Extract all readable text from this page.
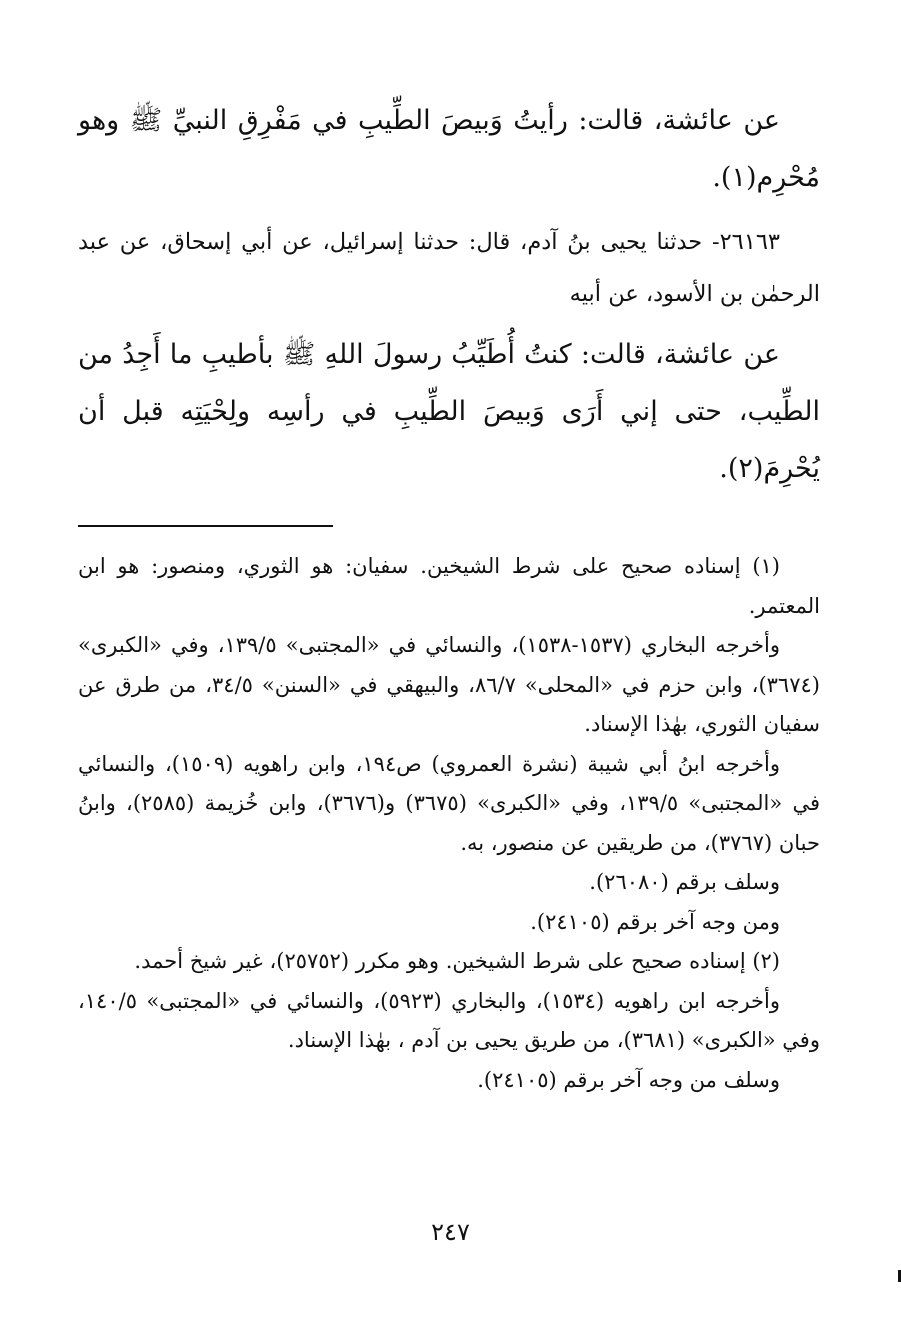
عن عائشة، قالت: رأيتُ وَبيصَ الطِّيبِ في مَفْرِقِ النبيِّ ﷺ وهو مُحْرِم(١).

٢٦١٦٣- حدثنا يحيى بنُ آدم، قال: حدثنا إسرائيل، عن أبي إسحاق، عن عبد الرحمٰن بن الأسود، عن أبيه

عن عائشة، قالت: كنتُ أُطَيِّبُ رسولَ اللهِ ﷺ بأطيبِ ما أَجِدُ من الطِّيب، حتى إني أَرَى وَبيصَ الطِّيبِ في رأسِه ولِحْيَتِه قبل أن يُحْرِمَ(٢).

(١) إسناده صحيح على شرط الشيخين. سفيان: هو الثوري، ومنصور: هو ابن المعتمر.

وأخرجه البخاري (١٥٣٧-١٥٣٨)، والنسائي في «المجتبى» ١٣٩/٥، وفي «الكبرى» (٣٦٧٤)، وابن حزم في «المحلى» ٨٦/٧، والبيهقي في «السنن» ٣٤/٥، من طرق عن سفيان الثوري، بهٰذا الإسناد.

وأخرجه ابنُ أبي شيبة (نشرة العمروي) ص١٩٤، وابن راهويه (١٥٠٩)، والنسائي في «المجتبى» ١٣٩/٥، وفي «الكبرى» (٣٦٧٥) و(٣٦٧٦)، وابن خُزيمة (٢٥٨٥)، وابنُ حبان (٣٧٦٧)، من طريقين عن منصور، به.

وسلف برقم (٢٦٠٨٠).

ومن وجه آخر برقم (٢٤١٠٥).

(٢) إسناده صحيح على شرط الشيخين. وهو مكرر (٢٥٧٥٢)، غير شيخ أحمد.

وأخرجه ابن راهويه (١٥٣٤)، والبخاري (٥٩٢٣)، والنسائي في «المجتبى» ١٤٠/٥، وفي «الكبرى» (٣٦٨١)، من طريق يحيى بن آدم ، بهٰذا الإسناد.

وسلف من وجه آخر برقم (٢٤١٠٥).

٢٤٧
